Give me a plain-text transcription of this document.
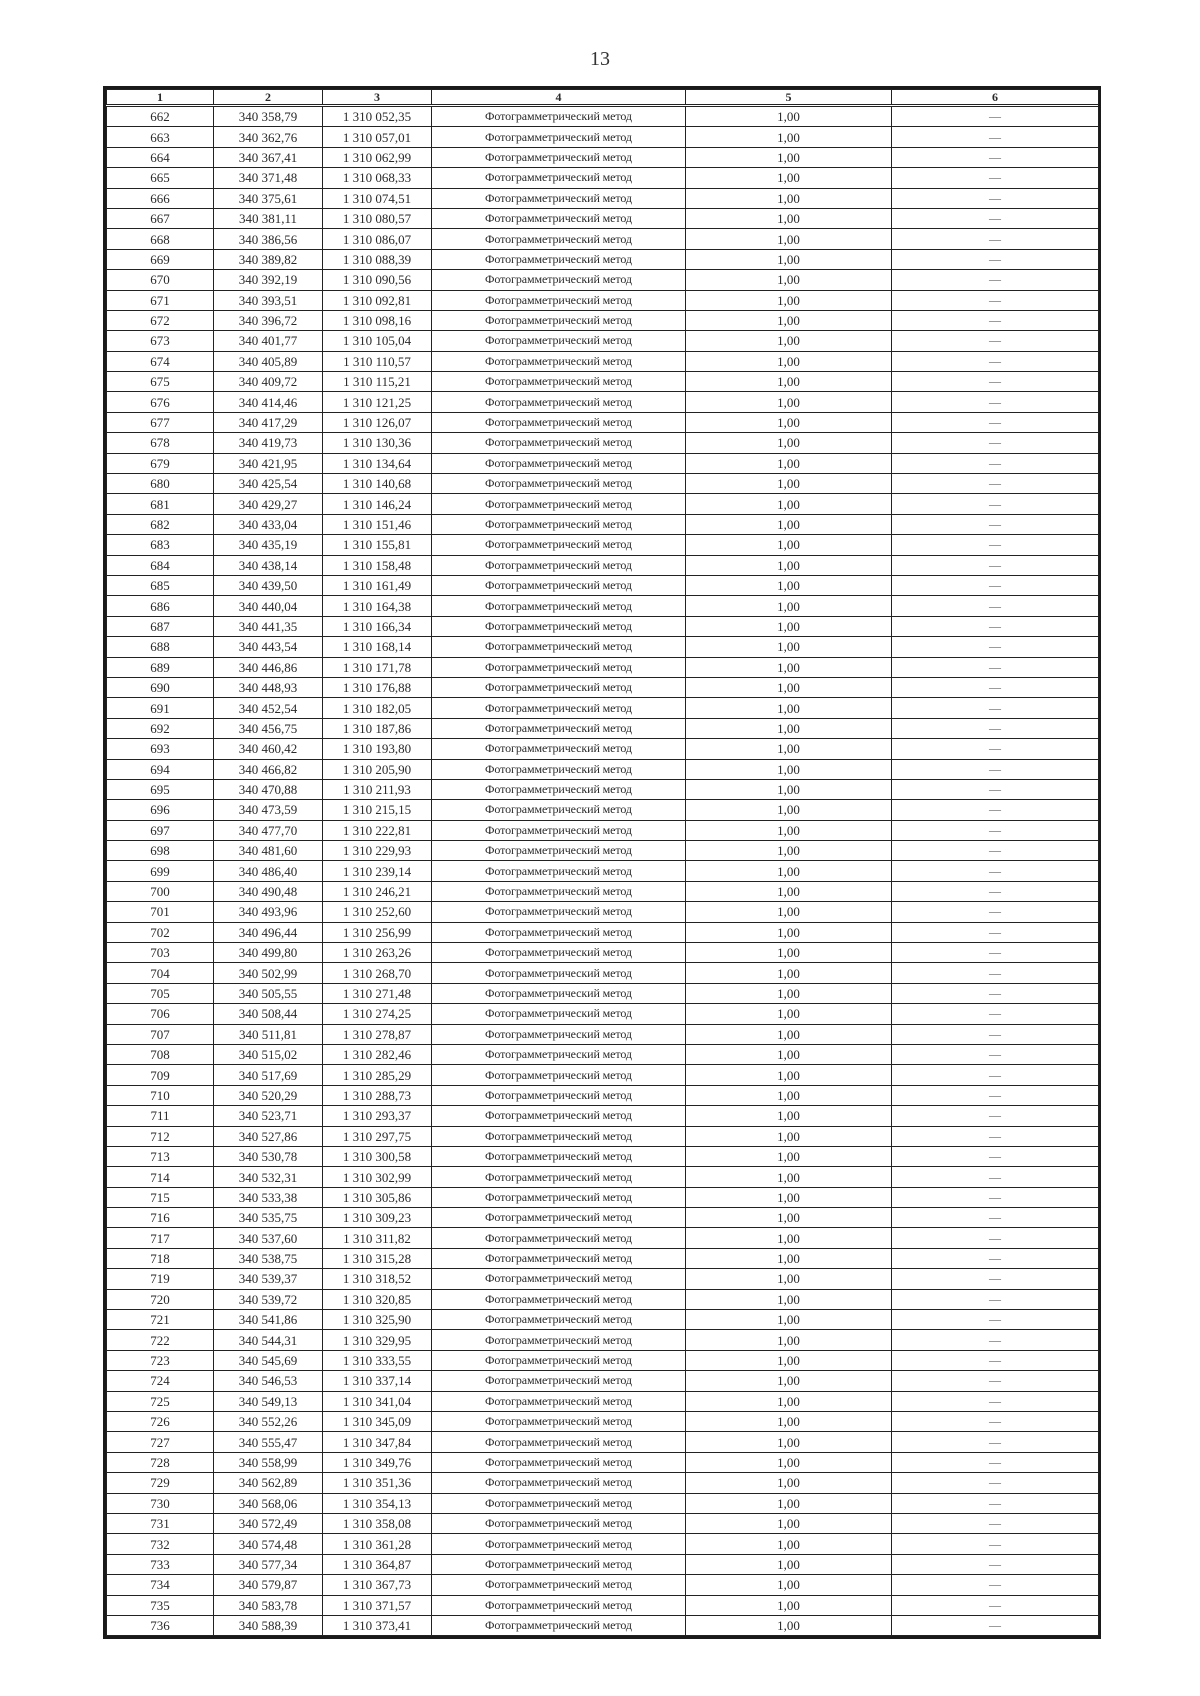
13
1	2	3	4	5	6
662	340 358,79	1 310 052,35	Фотограмметрический метод	1,00	—
663	340 362,76	1 310 057,01	Фотограмметрический метод	1,00	—
664	340 367,41	1 310 062,99	Фотограмметрический метод	1,00	—
665	340 371,48	1 310 068,33	Фотограмметрический метод	1,00	—
666	340 375,61	1 310 074,51	Фотограмметрический метод	1,00	—
667	340 381,11	1 310 080,57	Фотограмметрический метод	1,00	—
668	340 386,56	1 310 086,07	Фотограмметрический метод	1,00	—
669	340 389,82	1 310 088,39	Фотограмметрический метод	1,00	—
670	340 392,19	1 310 090,56	Фотограмметрический метод	1,00	—
671	340 393,51	1 310 092,81	Фотограмметрический метод	1,00	—
672	340 396,72	1 310 098,16	Фотограмметрический метод	1,00	—
673	340 401,77	1 310 105,04	Фотограмметрический метод	1,00	—
674	340 405,89	1 310 110,57	Фотограмметрический метод	1,00	—
675	340 409,72	1 310 115,21	Фотограмметрический метод	1,00	—
676	340 414,46	1 310 121,25	Фотограмметрический метод	1,00	—
677	340 417,29	1 310 126,07	Фотограмметрический метод	1,00	—
678	340 419,73	1 310 130,36	Фотограмметрический метод	1,00	—
679	340 421,95	1 310 134,64	Фотограмметрический метод	1,00	—
680	340 425,54	1 310 140,68	Фотограмметрический метод	1,00	—
681	340 429,27	1 310 146,24	Фотограмметрический метод	1,00	—
682	340 433,04	1 310 151,46	Фотограмметрический метод	1,00	—
683	340 435,19	1 310 155,81	Фотограмметрический метод	1,00	—
684	340 438,14	1 310 158,48	Фотограмметрический метод	1,00	—
685	340 439,50	1 310 161,49	Фотограмметрический метод	1,00	—
686	340 440,04	1 310 164,38	Фотограмметрический метод	1,00	—
687	340 441,35	1 310 166,34	Фотограмметрический метод	1,00	—
688	340 443,54	1 310 168,14	Фотограмметрический метод	1,00	—
689	340 446,86	1 310 171,78	Фотограмметрический метод	1,00	—
690	340 448,93	1 310 176,88	Фотограмметрический метод	1,00	—
691	340 452,54	1 310 182,05	Фотограмметрический метод	1,00	—
692	340 456,75	1 310 187,86	Фотограмметрический метод	1,00	—
693	340 460,42	1 310 193,80	Фотограмметрический метод	1,00	—
694	340 466,82	1 310 205,90	Фотограмметрический метод	1,00	—
695	340 470,88	1 310 211,93	Фотограмметрический метод	1,00	—
696	340 473,59	1 310 215,15	Фотограмметрический метод	1,00	—
697	340 477,70	1 310 222,81	Фотограмметрический метод	1,00	—
698	340 481,60	1 310 229,93	Фотограмметрический метод	1,00	—
699	340 486,40	1 310 239,14	Фотограмметрический метод	1,00	—
700	340 490,48	1 310 246,21	Фотограмметрический метод	1,00	—
701	340 493,96	1 310 252,60	Фотограмметрический метод	1,00	—
702	340 496,44	1 310 256,99	Фотограмметрический метод	1,00	—
703	340 499,80	1 310 263,26	Фотограмметрический метод	1,00	—
704	340 502,99	1 310 268,70	Фотограмметрический метод	1,00	—
705	340 505,55	1 310 271,48	Фотограмметрический метод	1,00	—
706	340 508,44	1 310 274,25	Фотограмметрический метод	1,00	—
707	340 511,81	1 310 278,87	Фотограмметрический метод	1,00	—
708	340 515,02	1 310 282,46	Фотограмметрический метод	1,00	—
709	340 517,69	1 310 285,29	Фотограмметрический метод	1,00	—
710	340 520,29	1 310 288,73	Фотограмметрический метод	1,00	—
711	340 523,71	1 310 293,37	Фотограмметрический метод	1,00	—
712	340 527,86	1 310 297,75	Фотограмметрический метод	1,00	—
713	340 530,78	1 310 300,58	Фотограмметрический метод	1,00	—
714	340 532,31	1 310 302,99	Фотограмметрический метод	1,00	—
715	340 533,38	1 310 305,86	Фотограмметрический метод	1,00	—
716	340 535,75	1 310 309,23	Фотограмметрический метод	1,00	—
717	340 537,60	1 310 311,82	Фотограмметрический метод	1,00	—
718	340 538,75	1 310 315,28	Фотограмметрический метод	1,00	—
719	340 539,37	1 310 318,52	Фотограмметрический метод	1,00	—
720	340 539,72	1 310 320,85	Фотограмметрический метод	1,00	—
721	340 541,86	1 310 325,90	Фотограмметрический метод	1,00	—
722	340 544,31	1 310 329,95	Фотограмметрический метод	1,00	—
723	340 545,69	1 310 333,55	Фотограмметрический метод	1,00	—
724	340 546,53	1 310 337,14	Фотограмметрический метод	1,00	—
725	340 549,13	1 310 341,04	Фотограмметрический метод	1,00	—
726	340 552,26	1 310 345,09	Фотограмметрический метод	1,00	—
727	340 555,47	1 310 347,84	Фотограмметрический метод	1,00	—
728	340 558,99	1 310 349,76	Фотограмметрический метод	1,00	—
729	340 562,89	1 310 351,36	Фотограмметрический метод	1,00	—
730	340 568,06	1 310 354,13	Фотограмметрический метод	1,00	—
731	340 572,49	1 310 358,08	Фотограмметрический метод	1,00	—
732	340 574,48	1 310 361,28	Фотограмметрический метод	1,00	—
733	340 577,34	1 310 364,87	Фотограмметрический метод	1,00	—
734	340 579,87	1 310 367,73	Фотограмметрический метод	1,00	—
735	340 583,78	1 310 371,57	Фотограмметрический метод	1,00	—
736	340 588,39	1 310 373,41	Фотограмметрический метод	1,00	—
